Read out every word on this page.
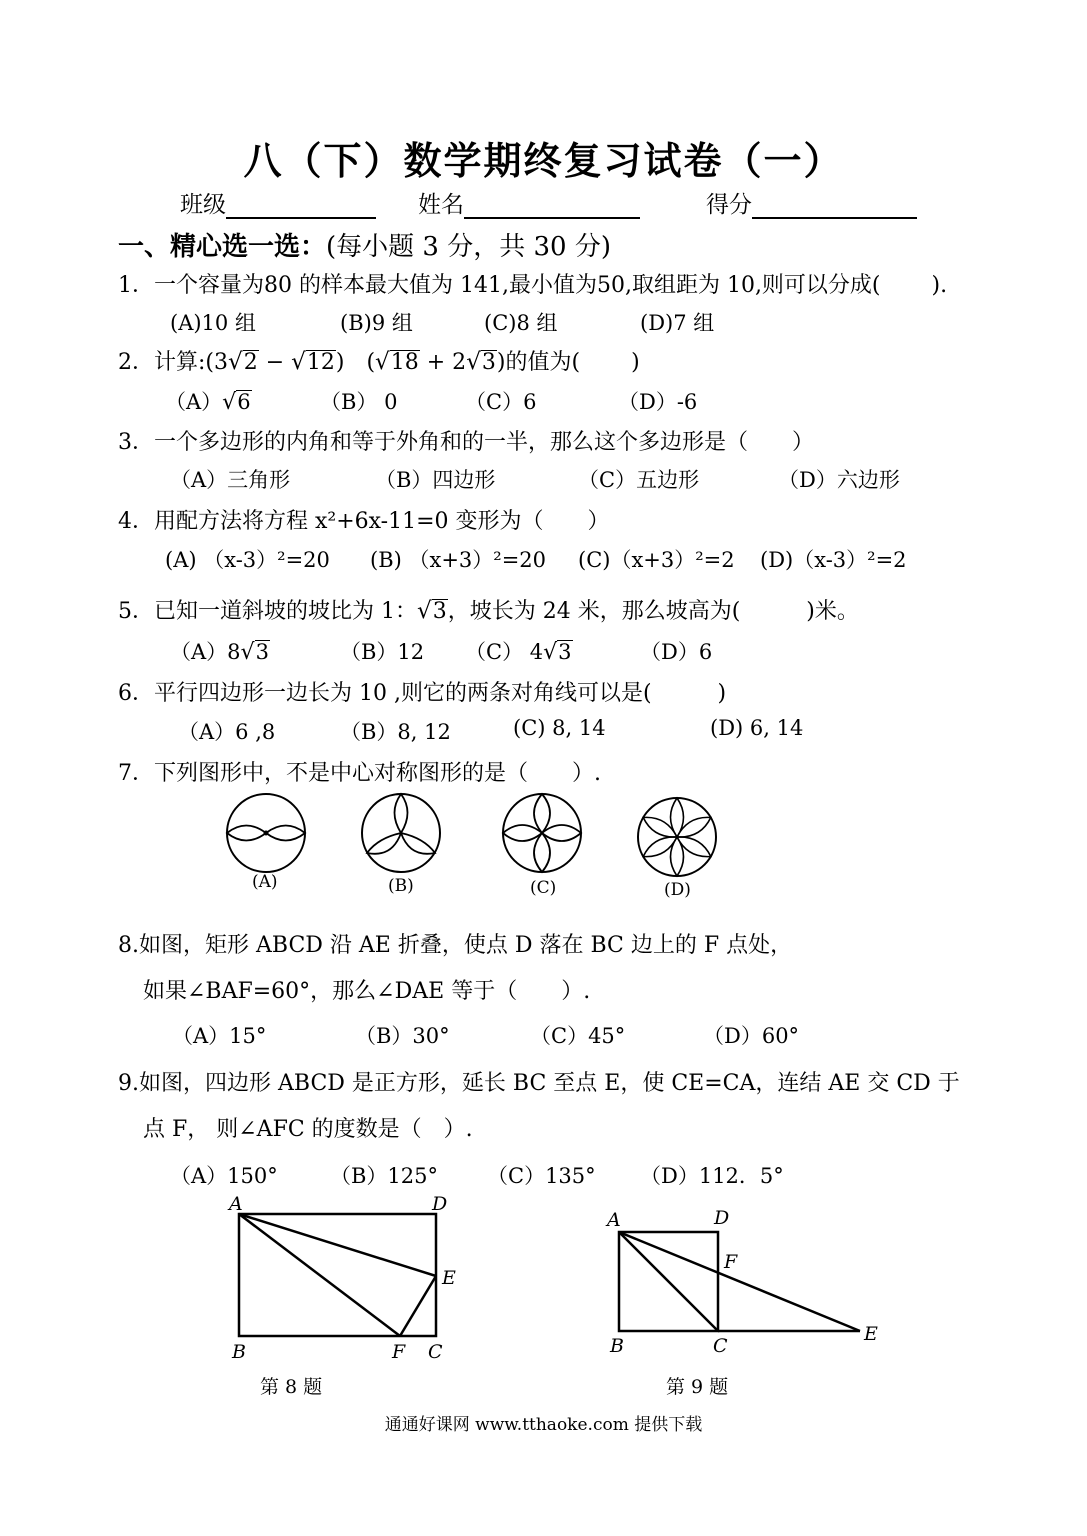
八（下）数学期终复习试卷（一）
班级	姓名	得分
一、精心选一选：(每小题 3 分，共 30 分)
1．一个容量为80 的样本最大值为 141,最小值为50,取组距为 10,则可以分成(　　 ).
(A)10 组	(B)9 组	(C)8 组	(D)7 组
2．计算:(3√2 − √12)　(√18 + 2√3)的值为(　　 )
（A）√6	（B） 0	（C）6	（D）-6
3．一个多边形的内角和等于外角和的一半，那么这个多边形是（　　）
（A）三角形	（B）四边形	（C）五边形	（D）六边形
4．用配方法将方程 x²+6x-11=0 变形为（　　）
(A) （x-3）²=20 (B) （x+3）²=20 (C)（x+3）²=2 (D)（x-3）²=2
5．已知一道斜坡的坡比为 1：√3，坡长为 24 米，那么坡高为(　　　)米。
（A）8√3	（B）12 （C） 4√3	（D）6
6．平行四边形一边长为 10 ,则它的两条对角线可以是(　　　)
（A）6 ,8	（B）8, 12	(C) 8, 14	(D) 6, 14
7．下列图形中，不是中心对称图形的是（　　）.
(A)	(B)	(C)	(D)
8.如图，矩形 ABCD 沿 AE 折叠，使点 D 落在 BC 边上的 F 点处，
如果∠BAF=60°，那么∠DAE 等于（　　）.
（A）15°	（B）30°	（C）45°	（D）60°
9.如图，四边形 ABCD 是正方形，延长 BC 至点 E，使 CE=CA，连结 AE 交 CD 于
点 F， 则∠AFC 的度数是（　）.
（A）150° （B）125° （C）135° （D）112．5°
A	D
E
B	F C
A	D
F
B	C
E
第 8 题	第 9 题
通通好课网 www.tthaoke.com 提供下载
